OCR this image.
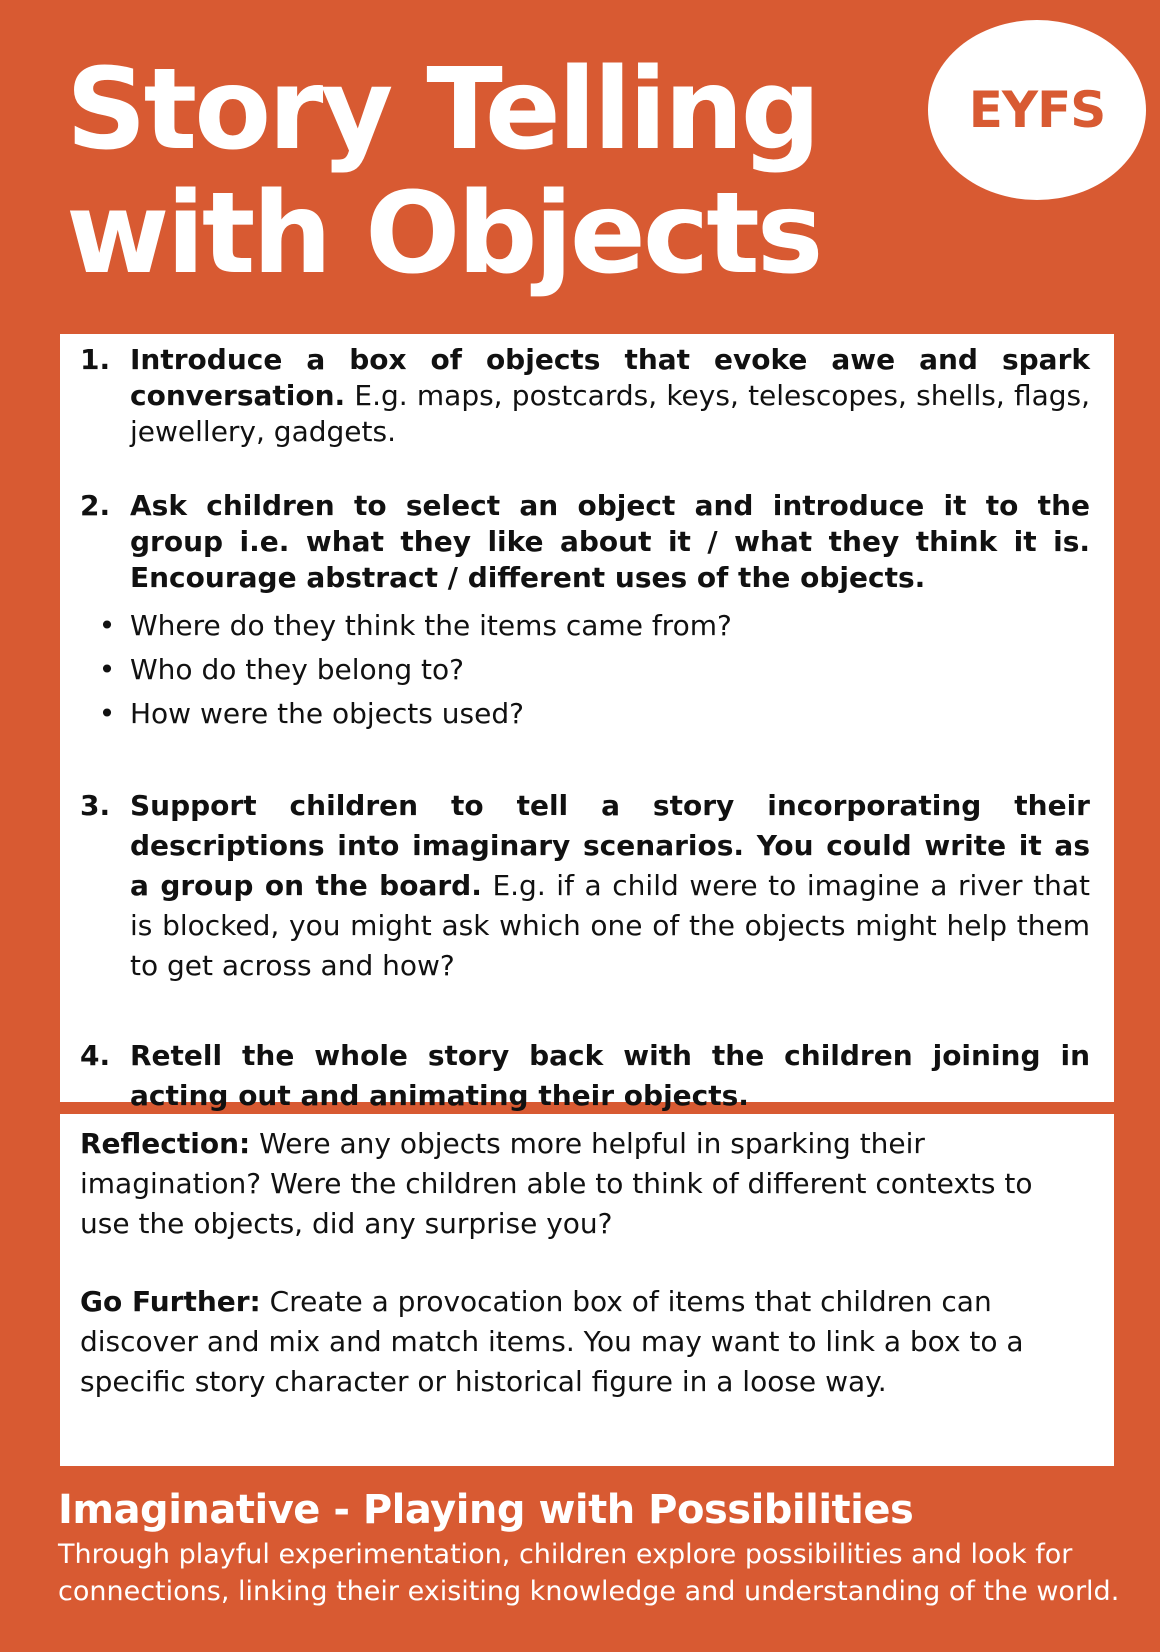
Story Telling
with Objects
EYFS
1. Introduce a box of objects that evoke awe and spark conversation. E.g. maps, postcards, keys, telescopes, shells, flags, jewellery, gadgets.
2. Ask children to select an object and introduce it to the group i.e. what they like about it / what they think it is. Encourage abstract / different uses of the objects.
• Where do they think the items came from?
• Who do they belong to?
• How were the objects used?
3. Support children to tell a story incorporating their descriptions into imaginary scenarios. You could write it as a group on the board. E.g. if a child were to imagine a river that is blocked, you might ask which one of the objects might help them to get across and how?
4. Retell the whole story back with the children joining in acting out and animating their objects.

Reflection: Were any objects more helpful in sparking their imagination? Were the children able to think of different contexts to use the objects, did any surprise you?

Go Further: Create a provocation box of items that children can discover and mix and match items. You may want to link a box to a specific story character or historical figure in a loose way.

Imaginative - Playing with Possibilities

Through playful experimentation, children explore possibilities and look for connections, linking their exisiting knowledge and understanding of the world.
